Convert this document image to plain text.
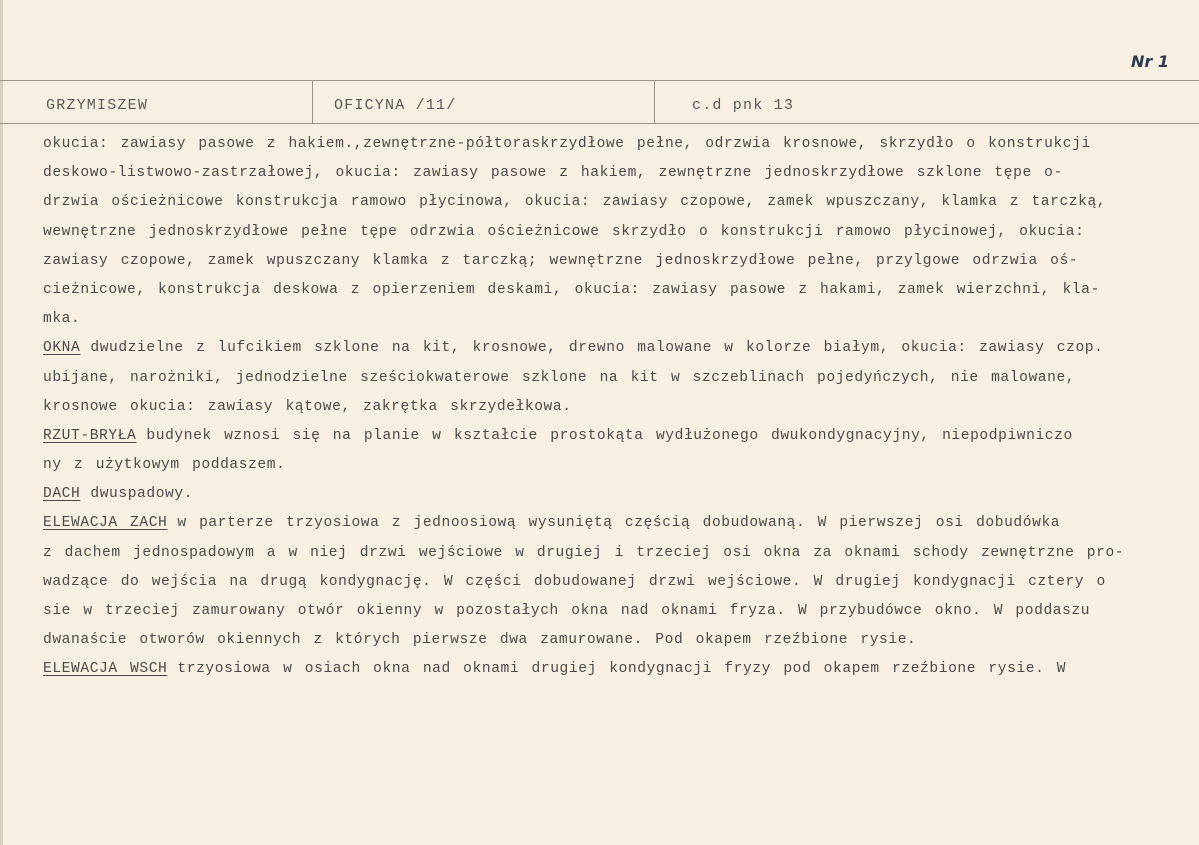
Nr 1
GRZYMISZEW	OFICYNA /11/	c.d pnk 13
okucia: zawiasy pasowe z hakiem.,zewnętrzne-półtoraskrzydłowe pełne, odrzwia krosnowe, skrzydło o konstrukcji
deskowo-listwowo-zastrzałowej, okucia: zawiasy pasowe z hakiem, zewnętrzne jednoskrzydłowe szklone tępe o-
drzwia ościeżnicowe konstrukcja ramowo płycinowa, okucia: zawiasy czopowe, zamek wpuszczany, klamka z tarczką,
wewnętrzne jednoskrzydłowe pełne tępe odrzwia ościeżnicowe skrzydło o konstrukcji ramowo płycinowej, okucia:
zawiasy czopowe, zamek wpuszczany klamka z tarczką; wewnętrzne jednoskrzydłowe pełne, przylgowe odrzwia oś-
cieżnicowe, konstrukcja deskowa z opierzeniem deskami, okucia: zawiasy pasowe z hakami, zamek wierzchni, kla-
mka.
OKNA dwudzielne z lufcikiem szklone na kit, krosnowe, drewno malowane w kolorze białym, okucia: zawiasy czop.
ubijane, narożniki, jednodzielne sześciokwaterowe szklone na kit w szczeblinach pojedyńczych, nie malowane,
krosnowe okucia: zawiasy kątowe, zakrętka skrzydełkowa.
RZUT-BRYŁA budynek wznosi się na planie w kształcie prostokąta wydłużonego dwukondygnacyjny, niepodpiwniczo
ny z użytkowym poddaszem.
DACH dwuspadowy.
ELEWACJA ZACH w parterze trzyosiowa z jednoosiową wysuniętą częścią dobudowaną. W pierwszej osi dobudówka
z dachem jednospadowym a w niej drzwi wejściowe w drugiej i trzeciej osi okna za oknami schody zewnętrzne pro-
wadzące do wejścia na drugą kondygnację. W części dobudowanej drzwi wejściowe. W drugiej kondygnacji cztery o
sie w trzeciej zamurowany otwór okienny w pozostałych okna nad oknami fryza. W przybudówce okno. W poddaszu
dwanaście otworów okiennych z których pierwsze dwa zamurowane. Pod okapem rzeźbione rysie.
ELEWACJA WSCH trzyosiowa w osiach okna nad oknami drugiej kondygnacji fryzy pod okapem rzeźbione rysie. W
